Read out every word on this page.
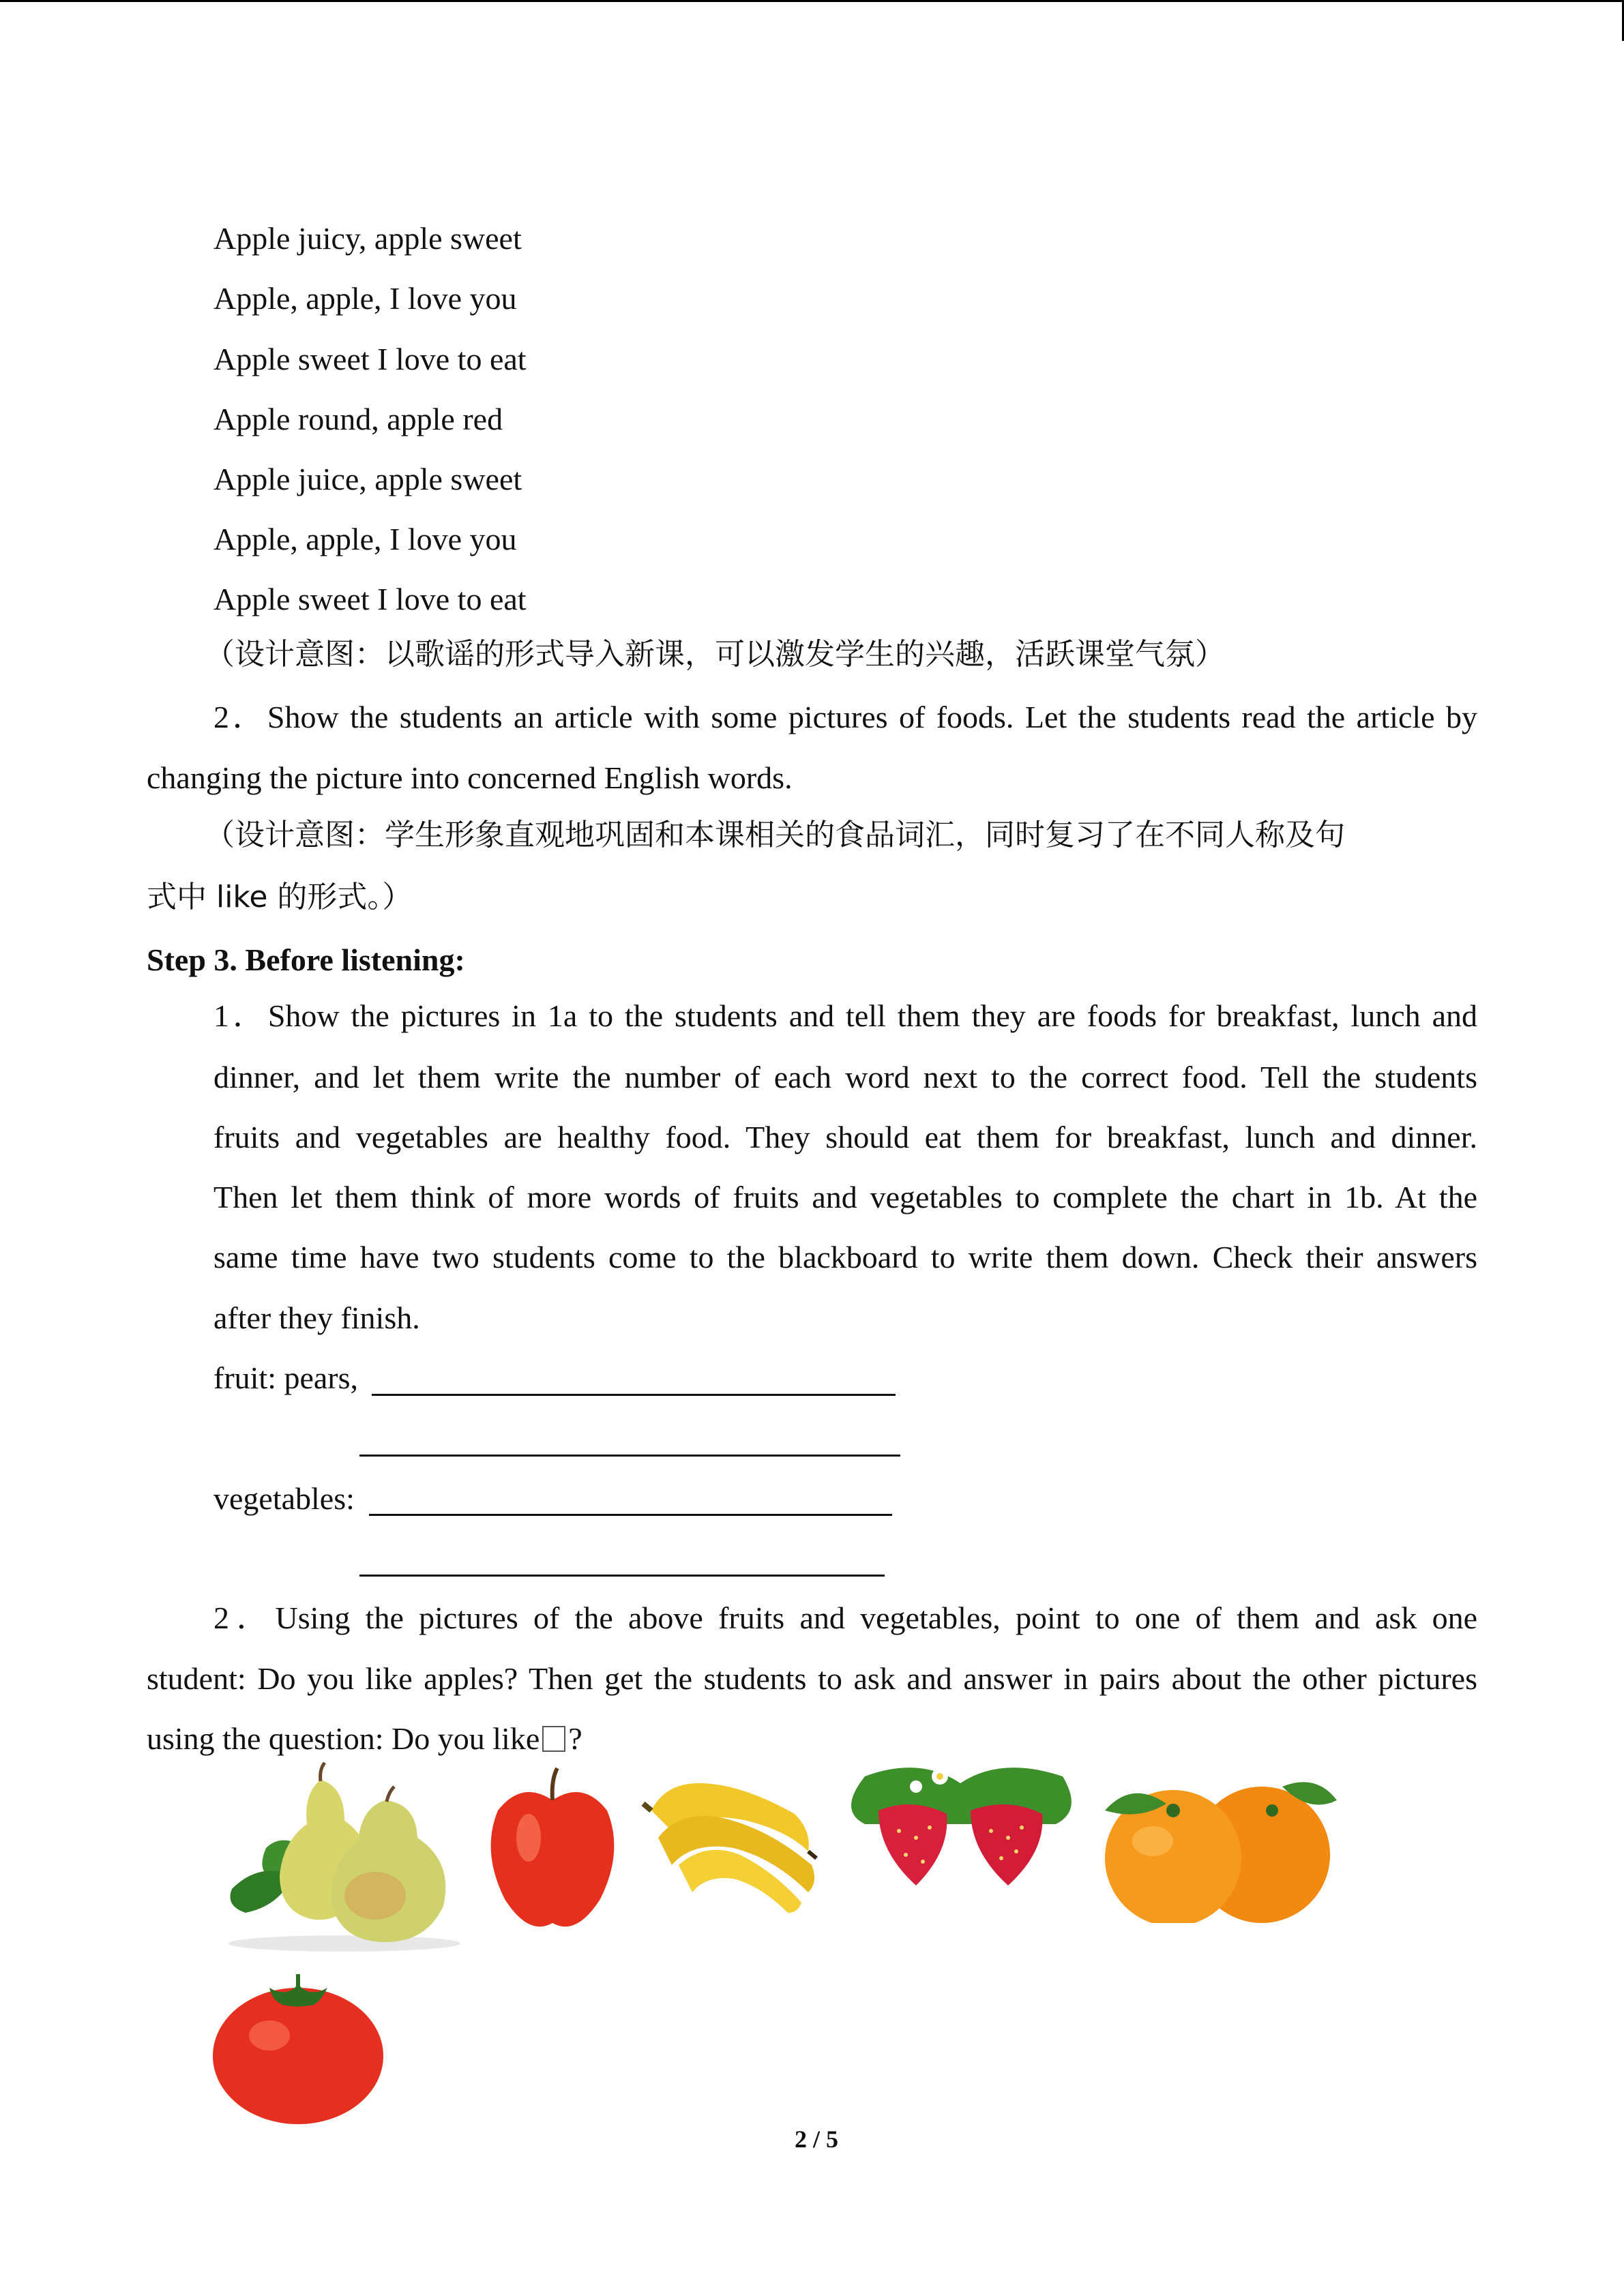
Apple juicy, apple sweet

Apple, apple, I love you

Apple sweet I love to eat

Apple round, apple red

Apple juice, apple sweet

Apple, apple, I love you

Apple sweet I love to eat

（设计意图：以歌谣的形式导入新课，可以激发学生的兴趣，活跃课堂气氛）

2．Show the students an article with some pictures of foods. Let the students read the article by

changing the picture into concerned English words.

（设计意图：学生形象直观地巩固和本课相关的食品词汇，同时复习了在不同人称及句

式中 like 的形式。）

Step 3. Before listening:

1．Show the pictures in 1a to the students and tell them they are foods for breakfast, lunch and

dinner, and let them write the number of each word next to the correct food. Tell the students

fruits and vegetables are healthy food. They should eat them for breakfast, lunch and dinner.

Then let them think of more words of fruits and vegetables to complete the chart in 1b. At the

same time have two students come to the blackboard to write them down. Check their answers

after they finish.

fruit: pears,

vegetables:

2．Using the pictures of the above fruits and vegetables, point to one of them and ask one

student: Do you like apples? Then get the students to ask and answer in pairs about the other pictures

using the question: Do you like ?

2 / 5
